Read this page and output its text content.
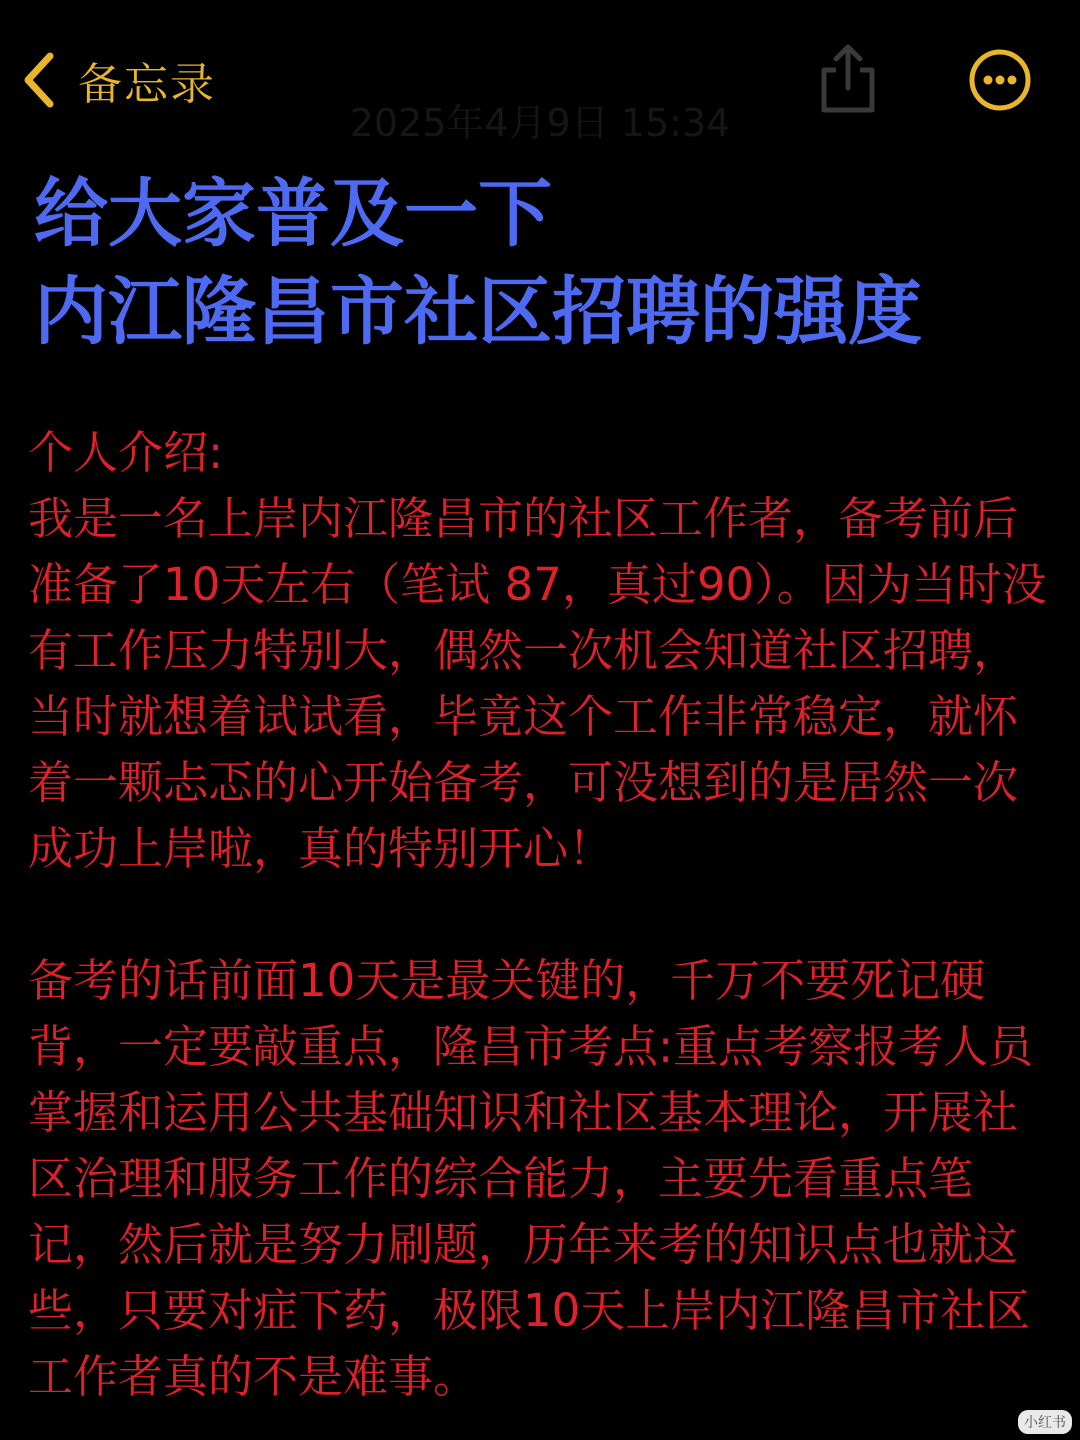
备忘录
2025年4月9日 15:34
给大家普及一下
内江隆昌市社区招聘的强度

个人介绍:

我是一名上岸内江隆昌市的社区工作者，备考前后准备了10天左右（笔试 87，真过90）。因为当时没有工作压力特别大，偶然一次机会知道社区招聘，当时就想着试试看，毕竟这个工作非常稳定，就怀着一颗忐忑的心开始备考，可没想到的是居然一次成功上岸啦，真的特别开心！

备考的话前面10天是最关键的，千万不要死记硬背，一定要敲重点，隆昌市考点:重点考察报考人员掌握和运用公共基础知识和社区基本理论，开展社区治理和服务工作的综合能力，主要先看重点笔记，然后就是努力刷题，历年来考的知识点也就这些，只要对症下药，极限10天上岸内江隆昌市社区工作者真的不是难事。

小红书
